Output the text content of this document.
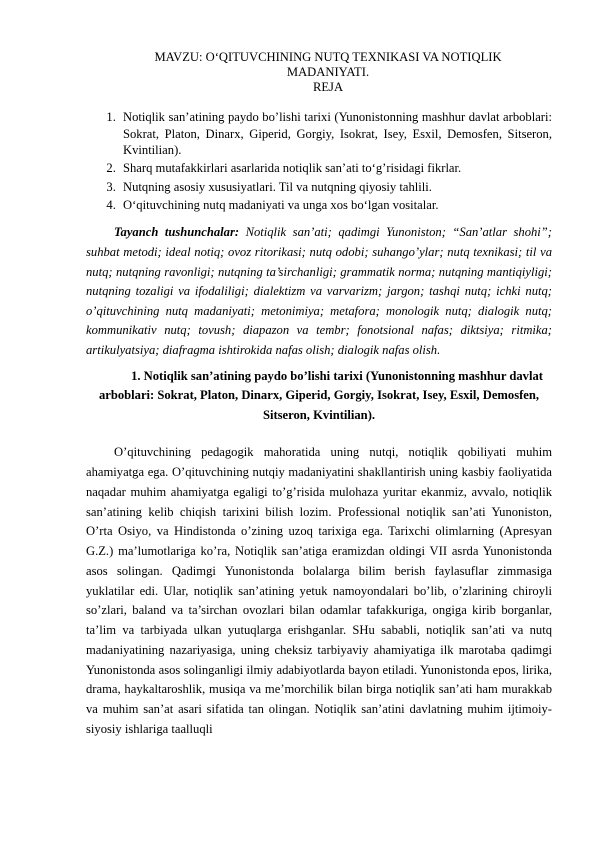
MAVZU: O‘QITUVCHINING NUTQ TEXNIKASI VA NOTIQLIK
MADANIYATI.
REJA
1. Notiqlik san’atining paydo bo’lishi tarixi (Yunonistonning mashhur davlat arboblari: Sokrat, Platon, Dinarx, Giperid, Gorgiy, Isokrat, Isey, Esxil, Demosfen, Sitseron, Kvintilian).
2. Sharq mutafakkirlari asarlarida notiqlik san’ati to‘g’risidagi fikrlar.
3. Nutqning asosiy xususiyatlari. Til va nutqning qiyosiy tahlili.
4. O‘qituvchining nutq madaniyati va unga xos bo‘lgan vositalar.

Tayanch tushunchalar: Notiqlik san’ati; qadimgi Yunoniston; “San’atlar shohi”; suhbat metodi; ideal notiq; ovoz ritorikasi; nutq odobi; suhango’ylar; nutq texnikasi; til va nutq; nutqning ravonligi; nutqning ta’sirchanligi; grammatik norma; nutqning mantiqiyligi; nutqning tozaligi va ifodaliligi; dialektizm va varvarizm; jargon; tashqi nutq; ichki nutq; o’qituvchining nutq madaniyati; metonimiya; metafora; monologik nutq; dialogik nutq; kommunikativ nutq; tovush; diapazon va tembr; fonotsional nafas; diktsiya; ritmika; artikulyatsiya; diafragma ishtirokida nafas olish; dialogik nafas olish.

1. Notiqlik san’atining paydo bo’lishi tarixi (Yunonistonning mashhur davlat arboblari: Sokrat, Platon, Dinarx, Giperid, Gorgiy, Isokrat, Isey, Esxil, Demosfen, Sitseron, Kvintilian).

O’qituvchining pedagogik mahoratida uning nutqi, notiqlik qobiliyati muhim ahamiyatga ega. O’qituvchining nutqiy madaniyatini shakllantirish uning kasbiy faoliyatida naqadar muhim ahamiyatga egaligi to’g’risida mulohaza yuritar ekanmiz, avvalo, notiqlik san’atining kelib chiqish tarixini bilish lozim. Professional notiqlik san’ati Yunoniston, O’rta Osiyo, va Hindistonda o’zining uzoq tarixiga ega. Tarixchi olimlarning (Apresyan G.Z.) ma’lumotlariga ko’ra, Notiqlik san’atiga eramizdan oldingi VII asrda Yunonistonda asos solingan. Qadimgi Yunonistonda bolalarga bilim berish faylasuflar zimmasiga yuklatilar edi. Ular, notiqlik san’atining yetuk namoyondalari bo’lib, o’zlarining chiroyli so’zlari, baland va ta’sirchan ovozlari bilan odamlar tafakkuriga, ongiga kirib borganlar, ta’lim va tarbiyada ulkan yutuqlarga erishganlar. SHu sababli, notiqlik san’ati va nutq madaniyatining nazariyasiga, uning cheksiz tarbiyaviy ahamiyatiga ilk marotaba qadimgi Yunonistonda asos solinganligi ilmiy adabiyotlarda bayon etiladi. Yunonistonda epos, lirika, drama, haykaltaroshlik, musiqa va me’morchilik bilan birga notiqlik san’ati ham murakkab va muhim san’at asari sifatida tan olingan. Notiqlik san’atini davlatning muhim ijtimoiy-siyosiy ishlariga taalluqli
